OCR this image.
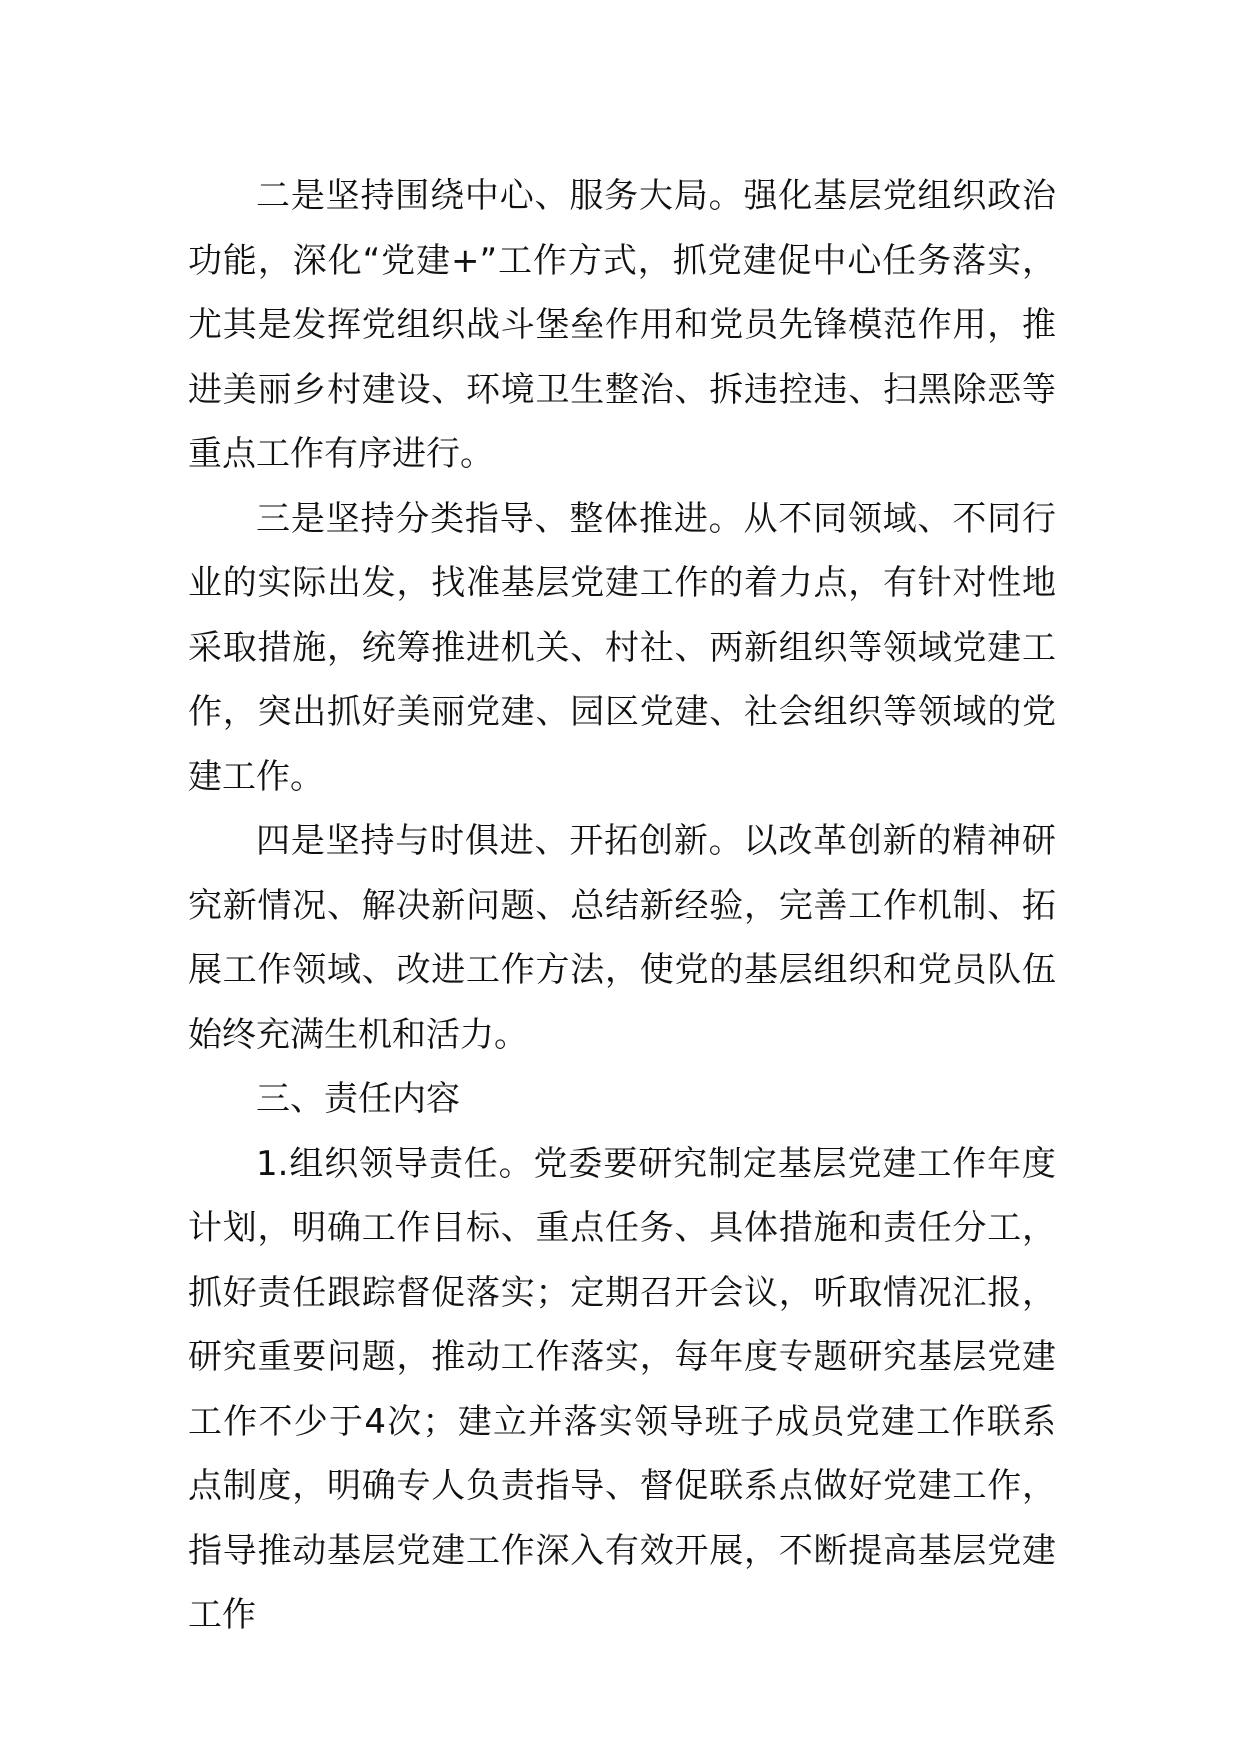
二是坚持围绕中心、服务大局。强化基层党组织政治功能，深化“党建+”工作方式，抓党建促中心任务落实，尤其是发挥党组织战斗堡垒作用和党员先锋模范作用，推进美丽乡村建设、环境卫生整治、拆违控违、扫黑除恶等重点工作有序进行。

三是坚持分类指导、整体推进。从不同领域、不同行业的实际出发，找准基层党建工作的着力点，有针对性地采取措施，统筹推进机关、村社、两新组织等领域党建工作，突出抓好美丽党建、园区党建、社会组织等领域的党建工作。

四是坚持与时俱进、开拓创新。以改革创新的精神研究新情况、解决新问题、总结新经验，完善工作机制、拓展工作领域、改进工作方法，使党的基层组织和党员队伍始终充满生机和活力。

三、责任内容

1.组织领导责任。党委要研究制定基层党建工作年度计划，明确工作目标、重点任务、具体措施和责任分工，抓好责任跟踪督促落实；定期召开会议，听取情况汇报，研究重要问题，推动工作落实，每年度专题研究基层党建工作不少于4次；建立并落实领导班子成员党建工作联系点制度，明确专人负责指导、督促联系点做好党建工作，指导推动基层党建工作深入有效开展，不断提高基层党建工作
